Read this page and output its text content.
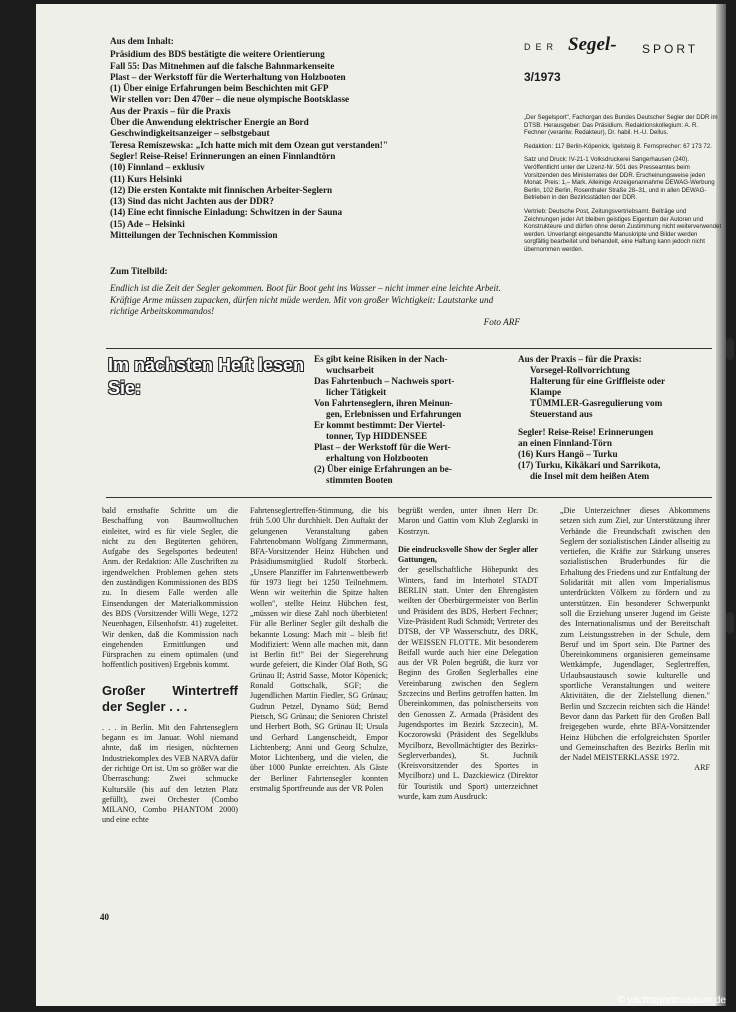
Aus dem Inhalt:
Präsidium des BDS bestätigte die weitere Orientierung
Fall 55: Das Mitnehmen auf die falsche Bahnmarkenseite
Plast – der Werkstoff für die Werterhaltung von Holzbooten
(1) Über einige Erfahrungen beim Beschichten mit GFP
Wir stellen vor: Den 470er – die neue olympische Bootsklasse
Aus der Praxis – für die Praxis
Über die Anwendung elektrischer Energie an Bord
Geschwindigkeitsanzeiger – selbstgebaut
Teresa Remiszewska: „Ich hatte mich mit dem Ozean gut verstanden!"
Segler! Reise-Reise! Erinnerungen an einen Finnlandtörn
(10) Finnland – exklusiv
(11) Kurs Helsinki
(12) Die ersten Kontakte mit finnischen Arbeiter-Seglern
(13) Sind das nicht Jachten aus der DDR?
(14) Eine echt finnische Einladung: Schwitzen in der Sauna
(15) Ade – Helsinki
Mitteilungen der Technischen Kommission
Zum Titelbild:
Endlich ist die Zeit der Segler gekommen. Boot für Boot geht ins Wasser – nicht immer eine leichte Arbeit. Kräftige Arme müssen zupacken, dürfen nicht müde werden. Mit von großer Wichtigkeit: Lautstarke und richtige Arbeitskommandos!
Foto ARF
DER Segel- SPORT
3/1973

„Der Segelsport", Fachorgan des Bundes Deutscher Segler der DDR im DTSB. Herausgeber: Das Präsidium. Redaktionskollegium: A. R. Fechner (verantw. Redakteur), Dr. habil. H.-U. Dellus.

Redaktion: 117 Berlin-Köpenick, Igelsteig 8. Fernsprecher: 67 173 72.

Satz und Druck: IV-21-1 Volksdruckerei Sangerhausen (240). Veröffentlicht unter der Lizenz-Nr. 501 des Presseamtes beim Vorsitzenden des Ministerrates der DDR. Erscheinungsweise jeden Monat. Preis: 1,– Mark. Alleinige Anzeigenannahme DEWAG-Werbung Berlin, 102 Berlin, Rosenthaler Straße 28–31, und in allen DEWAG-Betrieben in den Bezirksstädten der DDR.

Vertrieb: Deutsche Post, Zeitungsvertriebsamt. Beiträge und Zeichnungen jeder Art bleiben geistiges Eigentum der Autoren und Konstrukteure und dürfen ohne deren Zustimmung nicht weiterverwendet werden. Unverlangt eingesandte Manuskripte und Bilder werden sorgfältig bearbeitet und behandelt, eine Haftung kann jedoch nicht übernommen werden.

Im nächsten Heft lesen Sie:
Es gibt keine Risiken in der Nach-
wuchsarbeit
Das Fahrtenbuch – Nachweis sport-
licher Tätigkeit
Von Fahrtenseglern, ihren Meinun-
gen, Erlebnissen und Erfahrungen
Er kommt bestimmt: Der Viertel-
tonner, Typ HIDDENSEE
Plast – der Werkstoff für die Wert-
erhaltung von Holzbooten
(2) Über einige Erfahrungen an be-
stimmten Booten
Aus der Praxis – für die Praxis:
Vorsegel-Rollvorrichtung
Halterung für eine Griffleiste oder
Klampe
TÜMMLER-Gasregulierung vom
Steuerstand aus
Segler! Reise-Reise! Erinnerungen
an einen Finnland-Törn
(16) Kurs Hangö – Turku
(17) Turku, Kikäkari und Sarrikota,
die Insel mit dem heißen Atem

bald ernsthafte Schritte um die Beschaffung von Baumwolltuchen einleitet, wird es für viele Segler, die nicht zu den Begüterten gehören, Aufgabe des Segelsportes bedeuten! Anm. der Redaktion: Alle Zuschriften zu irgendwelchen Problemen gehen stets den zuständigen Kommissionen des BDS zu. In diesem Falle werden alle Einsendungen der Materialkommission des BDS (Vorsitzender Willi Wege, 1272 Neuenhagen, Eilsenhofstr. 41) zugeleitet. Wir denken, daß die Kommission nach eingehenden Ermittlungen und Fürsprachen zu einem optimalen (und hoffentlich positiven) Ergebnis kommt.

Großer Wintertreff der Segler . . .

. . . in Berlin. Mit den Fahrtenseglern begann es im Januar. Wohl niemand ahnte, daß im riesigen, nüchternen Industriekomplex des VEB NARVA dafür der richtige Ort ist. Um so größer war die Überraschung: Zwei schmucke Kultursäle (bis auf den letzten Platz gefüllt), zwei Orchester (Combo MILANO, Combo PHANTOM 2000) und eine echte

Fahrtenseglertreffen-Stimmung, die bis früh 5.00 Uhr durchhielt. Den Auftakt der gelungenen Veranstaltung gaben Fahrtenobmann Wolfgang Zimmermann, BFA-Vorsitzender Heinz Hübchen und Präsidiumsmitglied Rudolf Storbeck. „Unsere Planziffer im Fahrtenwettbewerb für 1973 liegt bei 1250 Teilnehmern. Wenn wir weiterhin die Spitze halten wollen", stellte Heinz Hübchen fest, „müssen wir diese Zahl noch überbieten! Für alle Berliner Segler gilt deshalb die bekannte Losung: Mach mit – bleib fit! Modifiziert: Wenn alle machen mit, dann ist Berlin fit!" Bei der Siegerehrung wurde gefeiert, die Kinder Olaf Both, SG Grünau II; Astrid Sasse, Motor Köpenick; Ronald Gottschalk, SGF; die Jugendlichen Martin Fiedler, SG Grünau; Gudrun Petzel, Dynamo Süd; Bernd Pietsch, SG Grünau; die Senioren Christel und Herbert Both, SG Grünau II; Ursula und Gerhard Langenscheidt, Empor Lichtenberg; Anni und Georg Schulze, Motor Lichtenberg, und die vielen, die über 1000 Punkte erreichten. Als Gäste der Berliner Fahrtensegler konnten erstmalig Sportfreunde aus der VR Polen

begrüßt werden, unter ihnen Herr Dr. Maron und Gattin vom Klub Zeglarski in Kostrzyn.

Die eindrucksvolle Show der Segler aller Gattungen,

der gesellschaftliche Höhepunkt des Winters, fand im Interhotel STADT BERLIN statt. Unter den Ehrengästen weilten der Oberbürgermeister von Berlin und Präsident des BDS, Herbert Fechner; Vize-Präsident Rudi Schmidt; Vertreter des DTSB, der VP Wasserschutz, des DRK, der WEISSEN FLOTTE. Mit besonderem Beifall wurde auch hier eine Delegation aus der VR Polen begrüßt, die kurz vor Beginn des Großen Seglerballes eine Vereinbarung zwischen den Seglern Szczecins und Berlins getroffen hatten. Im Übereinkommen, das polnischerseits von den Genossen Z. Armada (Präsident des Jugendsportes im Bezirk Szczecin), M. Koczorowski (Präsident des Segelklubs Mycilborz, Bevollmächtigter des Bezirks-Seglerverbandes), St. Juchnik (Kreisvorsitzender des Sportes in Mycilborz) und L. Dazckiewicz (Direktor für Touristik und Sport) unterzeichnet wurde, kam zum Ausdruck:

„Die Unterzeichner dieses Abkommens setzen sich zum Ziel, zur Unterstützung ihrer Verbände die Freundschaft zwischen den Seglern der sozialistischen Länder allseitig zu vertiefen, die Kräfte zur Stärkung unseres sozialistischen Bruderbundes für die Erhaltung des Friedens und zur Entfaltung der Solidarität mit allen vom Imperialismus unterdrückten Völkern zu fördern und zu unterstützen. Ein besonderer Schwerpunkt soll die Erziehung unserer Jugend im Geiste des Internationalismus und der Bereitschaft zum Leistungsstreben in der Schule, dem Beruf und im Sport sein. Die Partner des Übereinkommens organisieren gemeinsame Wettkämpfe, Jugendlager, Seglertreffen, Urlaubsaustausch sowie kulturelle und sportliche Veranstaltungen und weitere Aktivitäten, die der Zielstellung dienen." Berlin und Szczecin reichten sich die Hände! Bevor dann das Parkett für den Großen Ball freigegeben wurde, ehrte BFA-Vorsitzender Heinz Hübchen die erfolgreichsten Sportler und Gemeinschaften des Bezirks Berlin mit der Nadel MEISTERKLASSE 1972.

ARF

40
© yachtsportmuseum.de
